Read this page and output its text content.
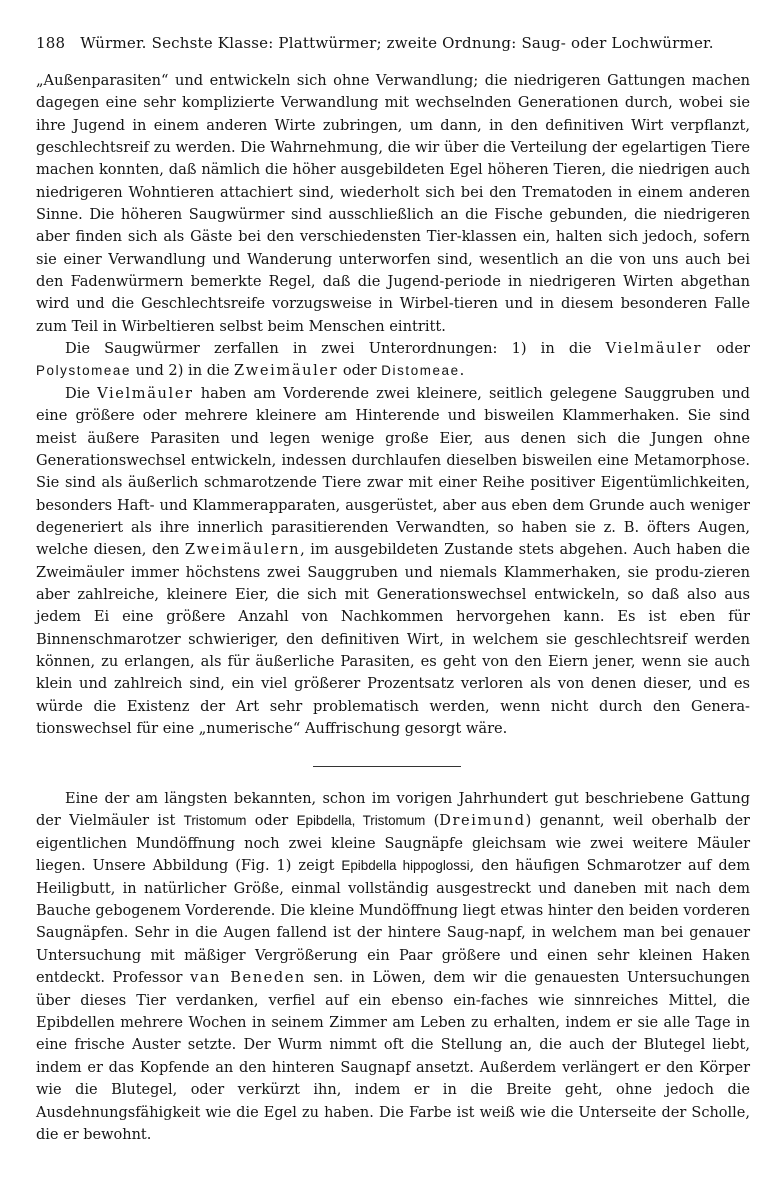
188 Würmer. Sechste Klasse: Plattwürmer; zweite Ordnung: Saug- oder Lochwürmer.

„Außenparasiten“ und entwickeln sich ohne Verwandlung; die niedrigeren Gattungen machen dagegen eine sehr komplizierte Verwandlung mit wechselnden Generationen durch, wobei sie ihre Jugend in einem anderen Wirte zubringen, um dann, in den definitiven Wirt verpflanzt, geschlechtsreif zu werden. Die Wahrnehmung, die wir über die Verteilung der egelartigen Tiere machen konnten, daß nämlich die höher ausgebildeten Egel höheren Tieren, die niedrigen auch niedrigeren Wohntieren attachiert sind, wiederholt sich bei den Trematoden in einem anderen Sinne. Die höheren Saugwürmer sind ausschließlich an die Fische gebunden, die niedrigeren aber finden sich als Gäste bei den verschiedensten Tier-klassen ein, halten sich jedoch, sofern sie einer Verwandlung und Wanderung unterworfen sind, wesentlich an die von uns auch bei den Fadenwürmern bemerkte Regel, daß die Jugend-periode in niedrigeren Wirten abgethan wird und die Geschlechtsreife vorzugsweise in Wirbel-tieren und in diesem besonderen Falle zum Teil in Wirbeltieren selbst beim Menschen eintritt.

Die Saugwürmer zerfallen in zwei Unterordnungen: 1) in die Vielmäuler oder Polystomeae und 2) in die Zweimäuler oder Distomeae.

Die Vielmäuler haben am Vorderende zwei kleinere, seitlich gelegene Sauggruben und eine größere oder mehrere kleinere am Hinterende und bisweilen Klammerhaken. Sie sind meist äußere Parasiten und legen wenige große Eier, aus denen sich die Jungen ohne Generationswechsel entwickeln, indessen durchlaufen dieselben bisweilen eine Metamorphose. Sie sind als äußerlich schmarotzende Tiere zwar mit einer Reihe positiver Eigentümlichkeiten, besonders Haft- und Klammerapparaten, ausgerüstet, aber aus eben dem Grunde auch weniger degeneriert als ihre innerlich parasitierenden Verwandten, so haben sie z. B. öfters Augen, welche diesen, den Zweimäulern, im ausgebildeten Zustande stets abgehen. Auch haben die Zweimäuler immer höchstens zwei Sauggruben und niemals Klammerhaken, sie produ-zieren aber zahlreiche, kleinere Eier, die sich mit Generationswechsel entwickeln, so daß also aus jedem Ei eine größere Anzahl von Nachkommen hervorgehen kann. Es ist eben für Binnenschmarotzer schwieriger, den definitiven Wirt, in welchem sie geschlechtsreif werden können, zu erlangen, als für äußerliche Parasiten, es geht von den Eiern jener, wenn sie auch klein und zahlreich sind, ein viel größerer Prozentsatz verloren als von denen dieser, und es würde die Existenz der Art sehr problematisch werden, wenn nicht durch den Genera-tionswechsel für eine „numerische“ Auffrischung gesorgt wäre.

Eine der am längsten bekannten, schon im vorigen Jahrhundert gut beschriebene Gattung der Vielmäuler ist Tristomum oder Epibdella, Tristomum (Dreimund) genannt, weil oberhalb der eigentlichen Mundöffnung noch zwei kleine Saugnäpfe gleichsam wie zwei weitere Mäuler liegen. Unsere Abbildung (Fig. 1) zeigt Epibdella hippoglossi, den häufigen Schmarotzer auf dem Heiligbutt, in natürlicher Größe, einmal vollständig ausgestreckt und daneben mit nach dem Bauche gebogenem Vorderende. Die kleine Mundöffnung liegt etwas hinter den beiden vorderen Saugnäpfen. Sehr in die Augen fallend ist der hintere Saug-napf, in welchem man bei genauer Untersuchung mit mäßiger Vergrößerung ein Paar größere und einen sehr kleinen Haken entdeckt. Professor van Beneden sen. in Löwen, dem wir die genauesten Untersuchungen über dieses Tier verdanken, verfiel auf ein ebenso ein-faches wie sinnreiches Mittel, die Epibdellen mehrere Wochen in seinem Zimmer am Leben zu erhalten, indem er sie alle Tage in eine frische Auster setzte. Der Wurm nimmt oft die Stellung an, die auch der Blutegel liebt, indem er das Kopfende an den hinteren Saugnapf ansetzt. Außerdem verlängert er den Körper wie die Blutegel, oder verkürzt ihn, indem er in die Breite geht, ohne jedoch die Ausdehnungsfähigkeit wie die Egel zu haben. Die Farbe ist weiß wie die Unterseite der Scholle, die er bewohnt.
